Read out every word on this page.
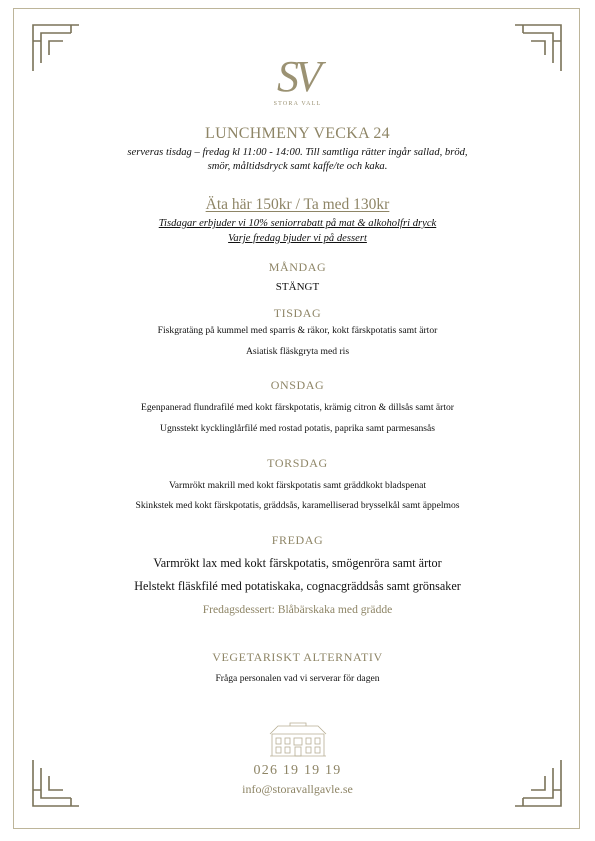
SV
STORA VALL
LUNCHMENY VECKA 24
serveras tisdag – fredag kl 11:00 - 14:00. Till samtliga rätter ingår sallad, bröd,
smör, måltidsdryck samt kaffe/te och kaka.
Äta här 150kr / Ta med 130kr
Tisdagar erbjuder vi 10% seniorrabatt på mat & alkoholfri dryck
Varje fredag bjuder vi på dessert
MÅNDAG
STÄNGT
TISDAG
Fiskgratäng på kummel med sparris & räkor, kokt färskpotatis samt ärtor
Asiatisk fläskgryta med ris
ONSDAG
Egenpanerad flundrafilé med kokt färskpotatis, krämig citron & dillsås samt ärtor
Ugnsstekt kycklinglårfilé med rostad potatis, paprika samt parmesansås
TORSDAG
Varmrökt makrill med kokt färskpotatis samt gräddkokt bladspenat
Skinkstek med kokt färskpotatis, gräddsås, karamelliserad brysselkål samt äppelmos
FREDAG
Varmrökt lax med kokt färskpotatis, smögenröra samt ärtor
Helstekt fläskfilé med potatiskaka, cognacgräddsås samt grönsaker
Fredagsdessert: Blåbärskaka med grädde
VEGETARISKT ALTERNATIV
Fråga personalen vad vi serverar för dagen
026 19 19 19
info@storavallgavle.se
